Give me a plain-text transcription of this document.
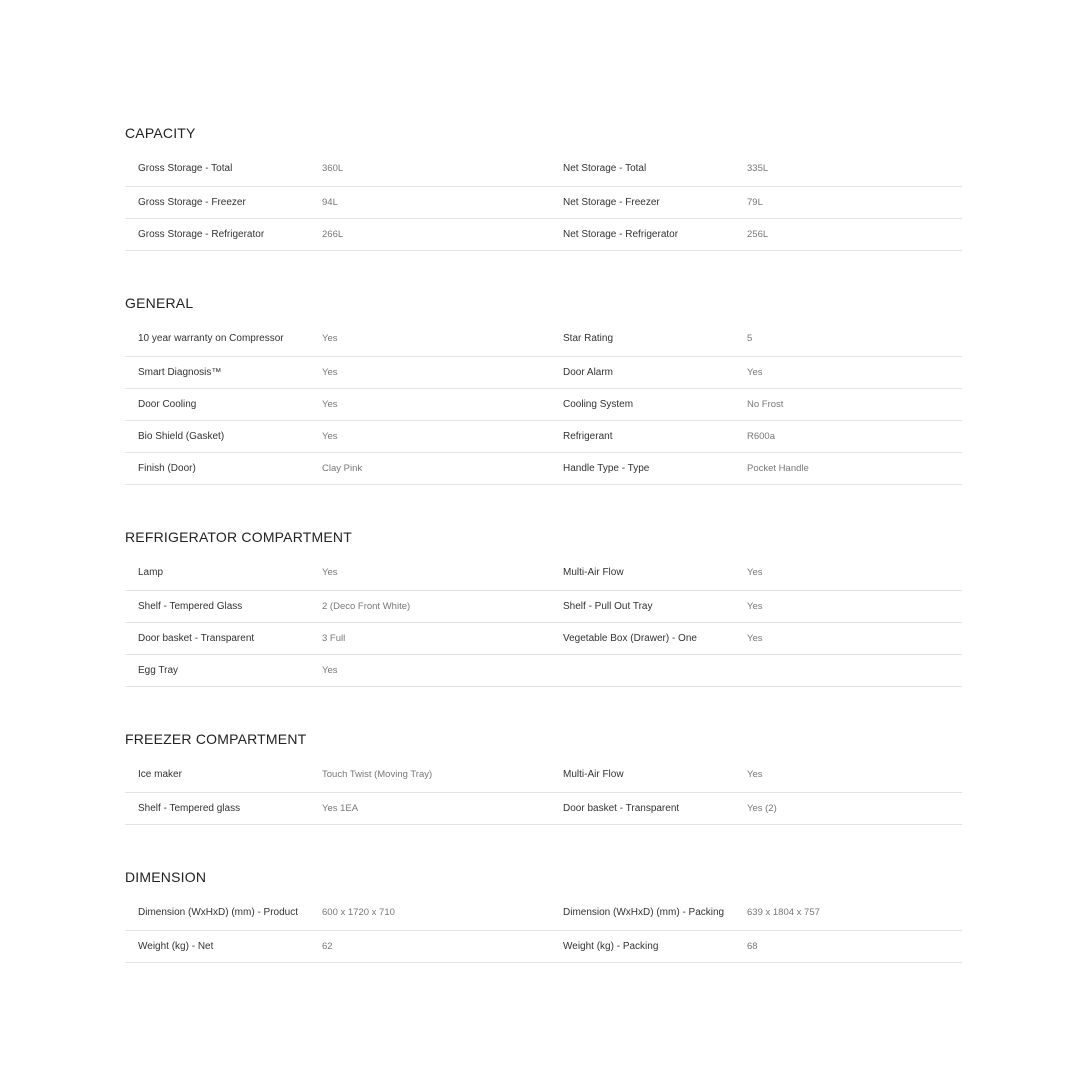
CAPACITY
Gross Storage - Total	360L	Net Storage - Total	335L
Gross Storage - Freezer	94L	Net Storage - Freezer	79L
Gross Storage - Refrigerator	266L	Net Storage - Refrigerator	256L
GENERAL
10 year warranty on Compressor	Yes	Star Rating	5
Smart Diagnosis™	Yes	Door Alarm	Yes
Door Cooling	Yes	Cooling System	No Frost
Bio Shield (Gasket)	Yes	Refrigerant	R600a
Finish (Door)	Clay Pink	Handle Type - Type	Pocket Handle
REFRIGERATOR COMPARTMENT
Lamp	Yes	Multi-Air Flow	Yes
Shelf - Tempered Glass	2 (Deco Front White)	Shelf - Pull Out Tray	Yes
Door basket - Transparent	3 Full	Vegetable Box (Drawer) - One	Yes
Egg Tray	Yes
FREEZER COMPARTMENT
Ice maker	Touch Twist (Moving Tray)	Multi-Air Flow	Yes
Shelf - Tempered glass	Yes 1EA	Door basket - Transparent	Yes (2)
DIMENSION
Dimension (WxHxD) (mm) - Product	600 x 1720 x 710	Dimension (WxHxD) (mm) - Packing	639 x 1804 x 757
Weight (kg) - Net	62	Weight (kg) - Packing	68
